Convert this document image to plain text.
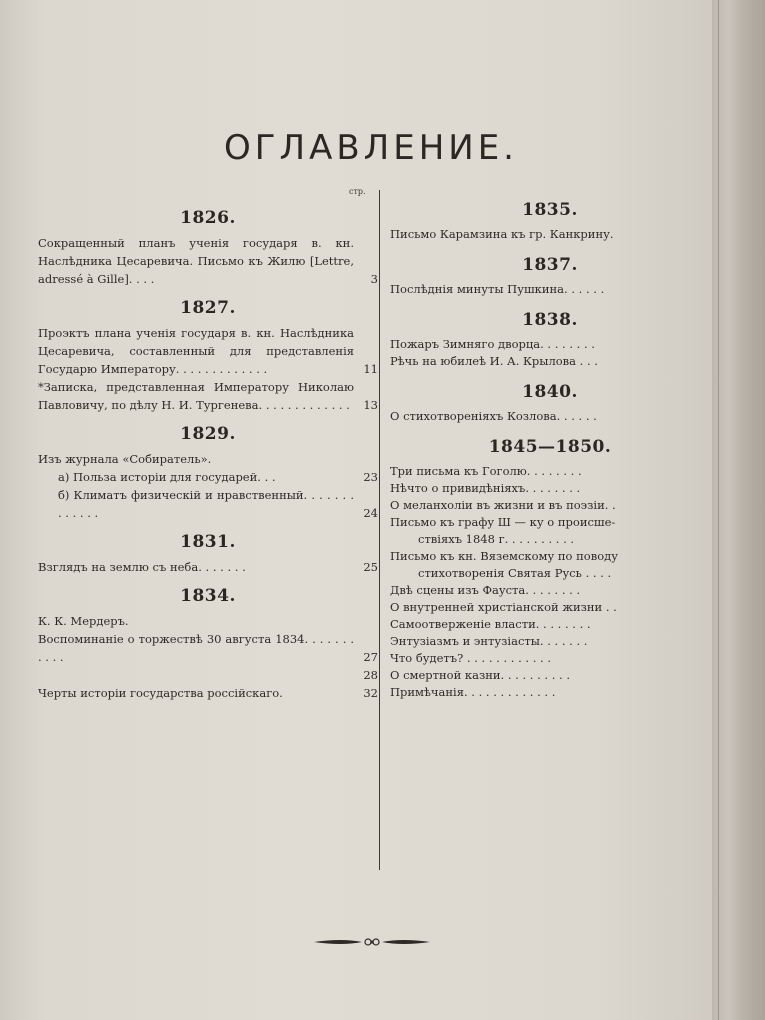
ОГЛАВЛЕНИЕ.
стр.
1826.
Сокращенный планъ ученія государя в. кн. Наслѣдника Цесаревича. Письмо къ Жилю [Lettre, adressé à Gille]. . . .	3
1827.
Проэктъ плана ученія государя в. кн. Наслѣдника Цесаревича, составленный для представленія Государю Императору. . . . . . . . . . . . .	11
*Записка, представленная Императору Николаю Павловичу, по дѣлу Н. И. Тургенева. . . . . . . . . . . . .	13
1829.
Изъ журнала «Собиратель».
а) Польза исторіи для государей. . .	23
б) Климатъ физическій и нравственный. . . . . . . . . . . . .	24
1831.
Взглядъ на землю съ неба. . . . . . .	25
1834.
К. К. Мердеръ.
Воспоминаніе о торжествѣ 30 августа 1834. . . . . . . . . . .	27
28
Черты исторіи государства россійскаго.	32
1835.
Письмо Карамзина къ гр. Канкрину.
1837.
Послѣднія минуты Пушкина. . . . . .
1838.
Пожаръ Зимняго дворца. . . . . . . .
Рѣчь на юбилеѣ И. А. Крылова . . .
1840.
О стихотвореніяхъ Козлова. . . . . .
1845—1850.
Три письма къ Гоголю. . . . . . . .
Нѣчто о привидѣніяхъ. . . . . . . .
О меланхоліи въ жизни и въ поэзіи. .
Письмо къ графу Ш — ку о происше-
ствіяхъ 1848 г. . . . . . . . . .
Письмо къ кн. Вяземскому по поводу
стихотворенія Святая Русь . . . .
Двѣ сцены изъ Фауста. . . . . . . .
О внутренней христіанской жизни . .
Самоотверженіе власти. . . . . . . .
Энтузіазмъ и энтузіасты. . . . . . .
Что будетъ? . . . . . . . . . . . .
О смертной казни. . . . . . . . . .
Примѣчанія. . . . . . . . . . . . .
